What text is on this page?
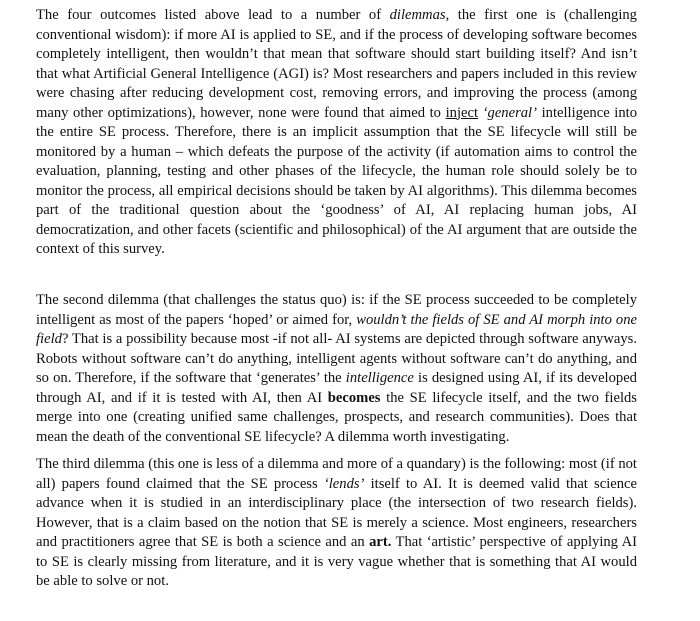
The four outcomes listed above lead to a number of dilemmas, the first one is (challenging conventional wisdom): if more AI is applied to SE, and if the process of developing software becomes completely intelligent, then wouldn’t that mean that software should start building itself? And isn’t that what Artificial General Intelligence (AGI) is? Most researchers and papers included in this review were chasing after reducing development cost, removing errors, and improving the process (among many other optimizations), however, none were found that aimed to inject ‘general’ intelligence into the entire SE process. Therefore, there is an implicit assumption that the SE lifecycle will still be monitored by a human – which defeats the purpose of the activity (if automation aims to control the evaluation, planning, testing and other phases of the lifecycle, the human role should solely be to monitor the process, all empirical decisions should be taken by AI algorithms). This dilemma becomes part of the traditional question about the ‘goodness’ of AI, AI replacing human jobs, AI democratization, and other facets (scientific and philosophical) of the AI argument that are outside the context of this survey.

The second dilemma (that challenges the status quo) is: if the SE process succeeded to be completely intelligent as most of the papers ‘hoped’ or aimed for, wouldn’t the fields of SE and AI morph into one field? That is a possibility because most -if not all- AI systems are depicted through software anyways. Robots without software can’t do anything, intelligent agents without software can’t do anything, and so on. Therefore, if the software that ‘generates’ the intelligence is designed using AI, if its developed through AI, and if it is tested with AI, then AI becomes the SE lifecycle itself, and the two fields merge into one (creating unified same challenges, prospects, and research communities). Does that mean the death of the conventional SE lifecycle? A dilemma worth investigating.

The third dilemma (this one is less of a dilemma and more of a quandary) is the following: most (if not all) papers found claimed that the SE process ‘lends’ itself to AI. It is deemed valid that science advance when it is studied in an interdisciplinary place (the intersection of two research fields). However, that is a claim based on the notion that SE is merely a science. Most engineers, researchers and practitioners agree that SE is both a science and an art. That ‘artistic’ perspective of applying AI to SE is clearly missing from literature, and it is very vague whether that is something that AI would be able to solve or not.
